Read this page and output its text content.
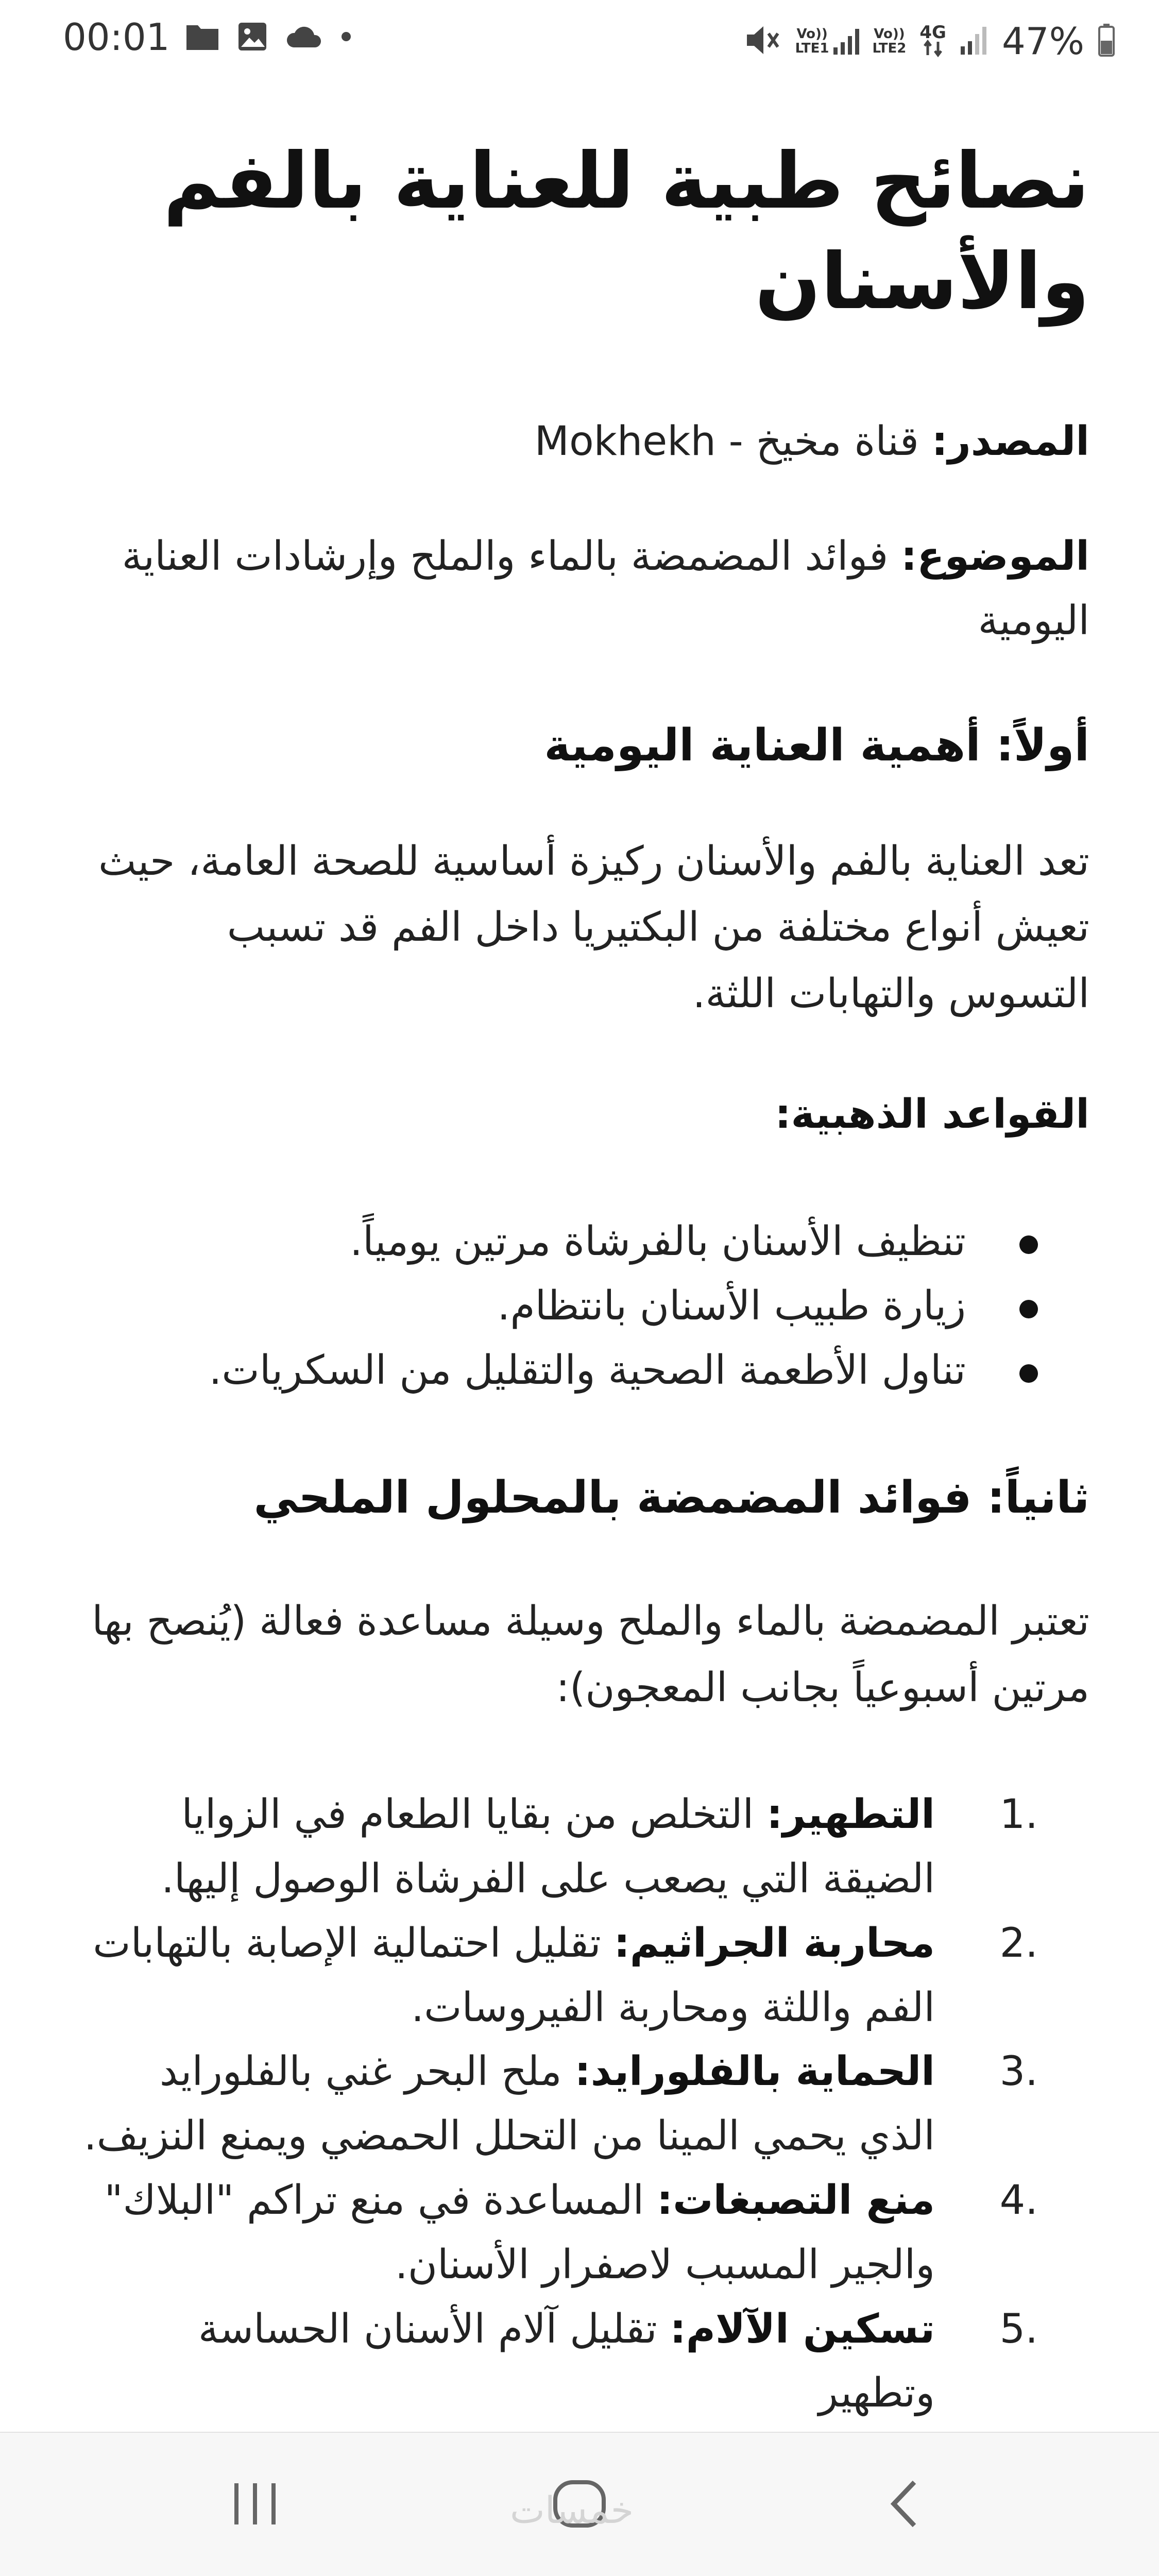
00:01	Vo))
LTE1
Vo))
LTE2
4G 47%
نصائح طبية للعناية بالفم والأسنان

المصدر: قناة مخيخ - Mokhekh

الموضوع: فوائد المضمضة بالماء والملح وإرشادات العناية اليومية

أولاً: أهمية العناية اليومية

تعد العناية بالفم والأسنان ركيزة أساسية للصحة العامة، حيث تعيش أنواع مختلفة من البكتيريا داخل الفم قد تسبب التسوس والتهابات اللثة.

القواعد الذهبية:
تنظيف الأسنان بالفرشاة مرتين يومياً.
زيارة طبيب الأسنان بانتظام.
تناول الأطعمة الصحية والتقليل من السكريات.
ثانياً: فوائد المضمضة بالمحلول الملحي

تعتبر المضمضة بالماء والملح وسيلة مساعدة فعالة (يُنصح بها مرتين أسبوعياً بجانب المعجون):

1.
التطهير: التخلص من بقايا الطعام في الزوايا الضيقة التي يصعب على الفرشاة الوصول إليها.
2.
محاربة الجراثيم: تقليل احتمالية الإصابة بالتهابات الفم واللثة ومحاربة الفيروسات.
3.
الحماية بالفلورايد: ملح البحر غني بالفلورايد الذي يحمي المينا من التحلل الحمضي ويمنع النزيف.
4.
منع التصبغات: المساعدة في منع تراكم "البلاك" والجير المسبب لاصفرار الأسنان.
5.
تسكين الآلام: تقليل آلام الأسنان الحساسة وتطهير
خمسات
